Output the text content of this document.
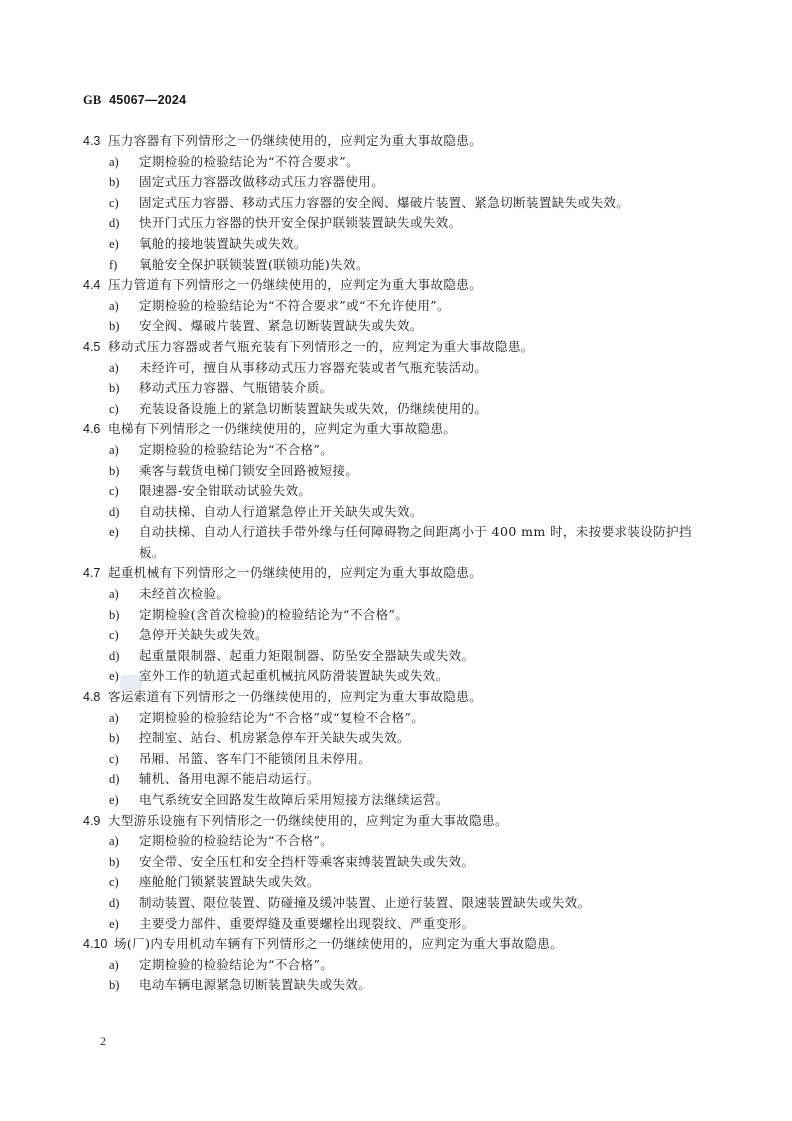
GB 45067—2024
4.3 压力容器有下列情形之一仍继续使用的，应判定为重大事故隐患。
a)	定期检验的检验结论为“不符合要求”。
b)	固定式压力容器改做移动式压力容器使用。
c)	固定式压力容器、移动式压力容器的安全阀、爆破片装置、紧急切断装置缺失或失效。
d)	快开门式压力容器的快开安全保护联锁装置缺失或失效。
e)	氧舱的接地装置缺失或失效。
f)	氧舱安全保护联锁装置(联锁功能)失效。
4.4 压力管道有下列情形之一仍继续使用的，应判定为重大事故隐患。
a)	定期检验的检验结论为“不符合要求”或“不允许使用”。
b)	安全阀、爆破片装置、紧急切断装置缺失或失效。
4.5 移动式压力容器或者气瓶充装有下列情形之一的，应判定为重大事故隐患。
a)	未经许可，擅自从事移动式压力容器充装或者气瓶充装活动。
b)	移动式压力容器、气瓶错装介质。
c)	充装设备设施上的紧急切断装置缺失或失效，仍继续使用的。
4.6 电梯有下列情形之一仍继续使用的，应判定为重大事故隐患。
a)	定期检验的检验结论为“不合格”。
b)	乘客与载货电梯门锁安全回路被短接。
c)	限速器-安全钳联动试验失效。
d)	自动扶梯、自动人行道紧急停止开关缺失或失效。
e)	自动扶梯、自动人行道扶手带外缘与任何障碍物之间距离小于 400 mm 时，未按要求装设防护挡板。
4.7 起重机械有下列情形之一仍继续使用的，应判定为重大事故隐患。
a)	未经首次检验。
b)	定期检验(含首次检验)的检验结论为“不合格”。
c)	急停开关缺失或失效。
d)	起重量限制器、起重力矩限制器、防坠安全器缺失或失效。
e)	室外工作的轨道式起重机械抗风防滑装置缺失或失效。
4.8 客运索道有下列情形之一仍继续使用的，应判定为重大事故隐患。
a)	定期检验的检验结论为“不合格”或“复检不合格”。
b)	控制室、站台、机房紧急停车开关缺失或失效。
c)	吊厢、吊篮、客车门不能锁闭且未停用。
d)	辅机、备用电源不能启动运行。
e)	电气系统安全回路发生故障后采用短接方法继续运营。
4.9 大型游乐设施有下列情形之一仍继续使用的，应判定为重大事故隐患。
a)	定期检验的检验结论为“不合格”。
b)	安全带、安全压杠和安全挡杆等乘客束缚装置缺失或失效。
c)	座舱舱门锁紧装置缺失或失效。
d)	制动装置、限位装置、防碰撞及缓冲装置、止逆行装置、限速装置缺失或失效。
e)	主要受力部件、重要焊缝及重要螺栓出现裂纹、严重变形。
4.10 场(厂)内专用机动车辆有下列情形之一仍继续使用的，应判定为重大事故隐患。
a)	定期检验的检验结论为“不合格”。
b)	电动车辆电源紧急切断装置缺失或失效。
2
